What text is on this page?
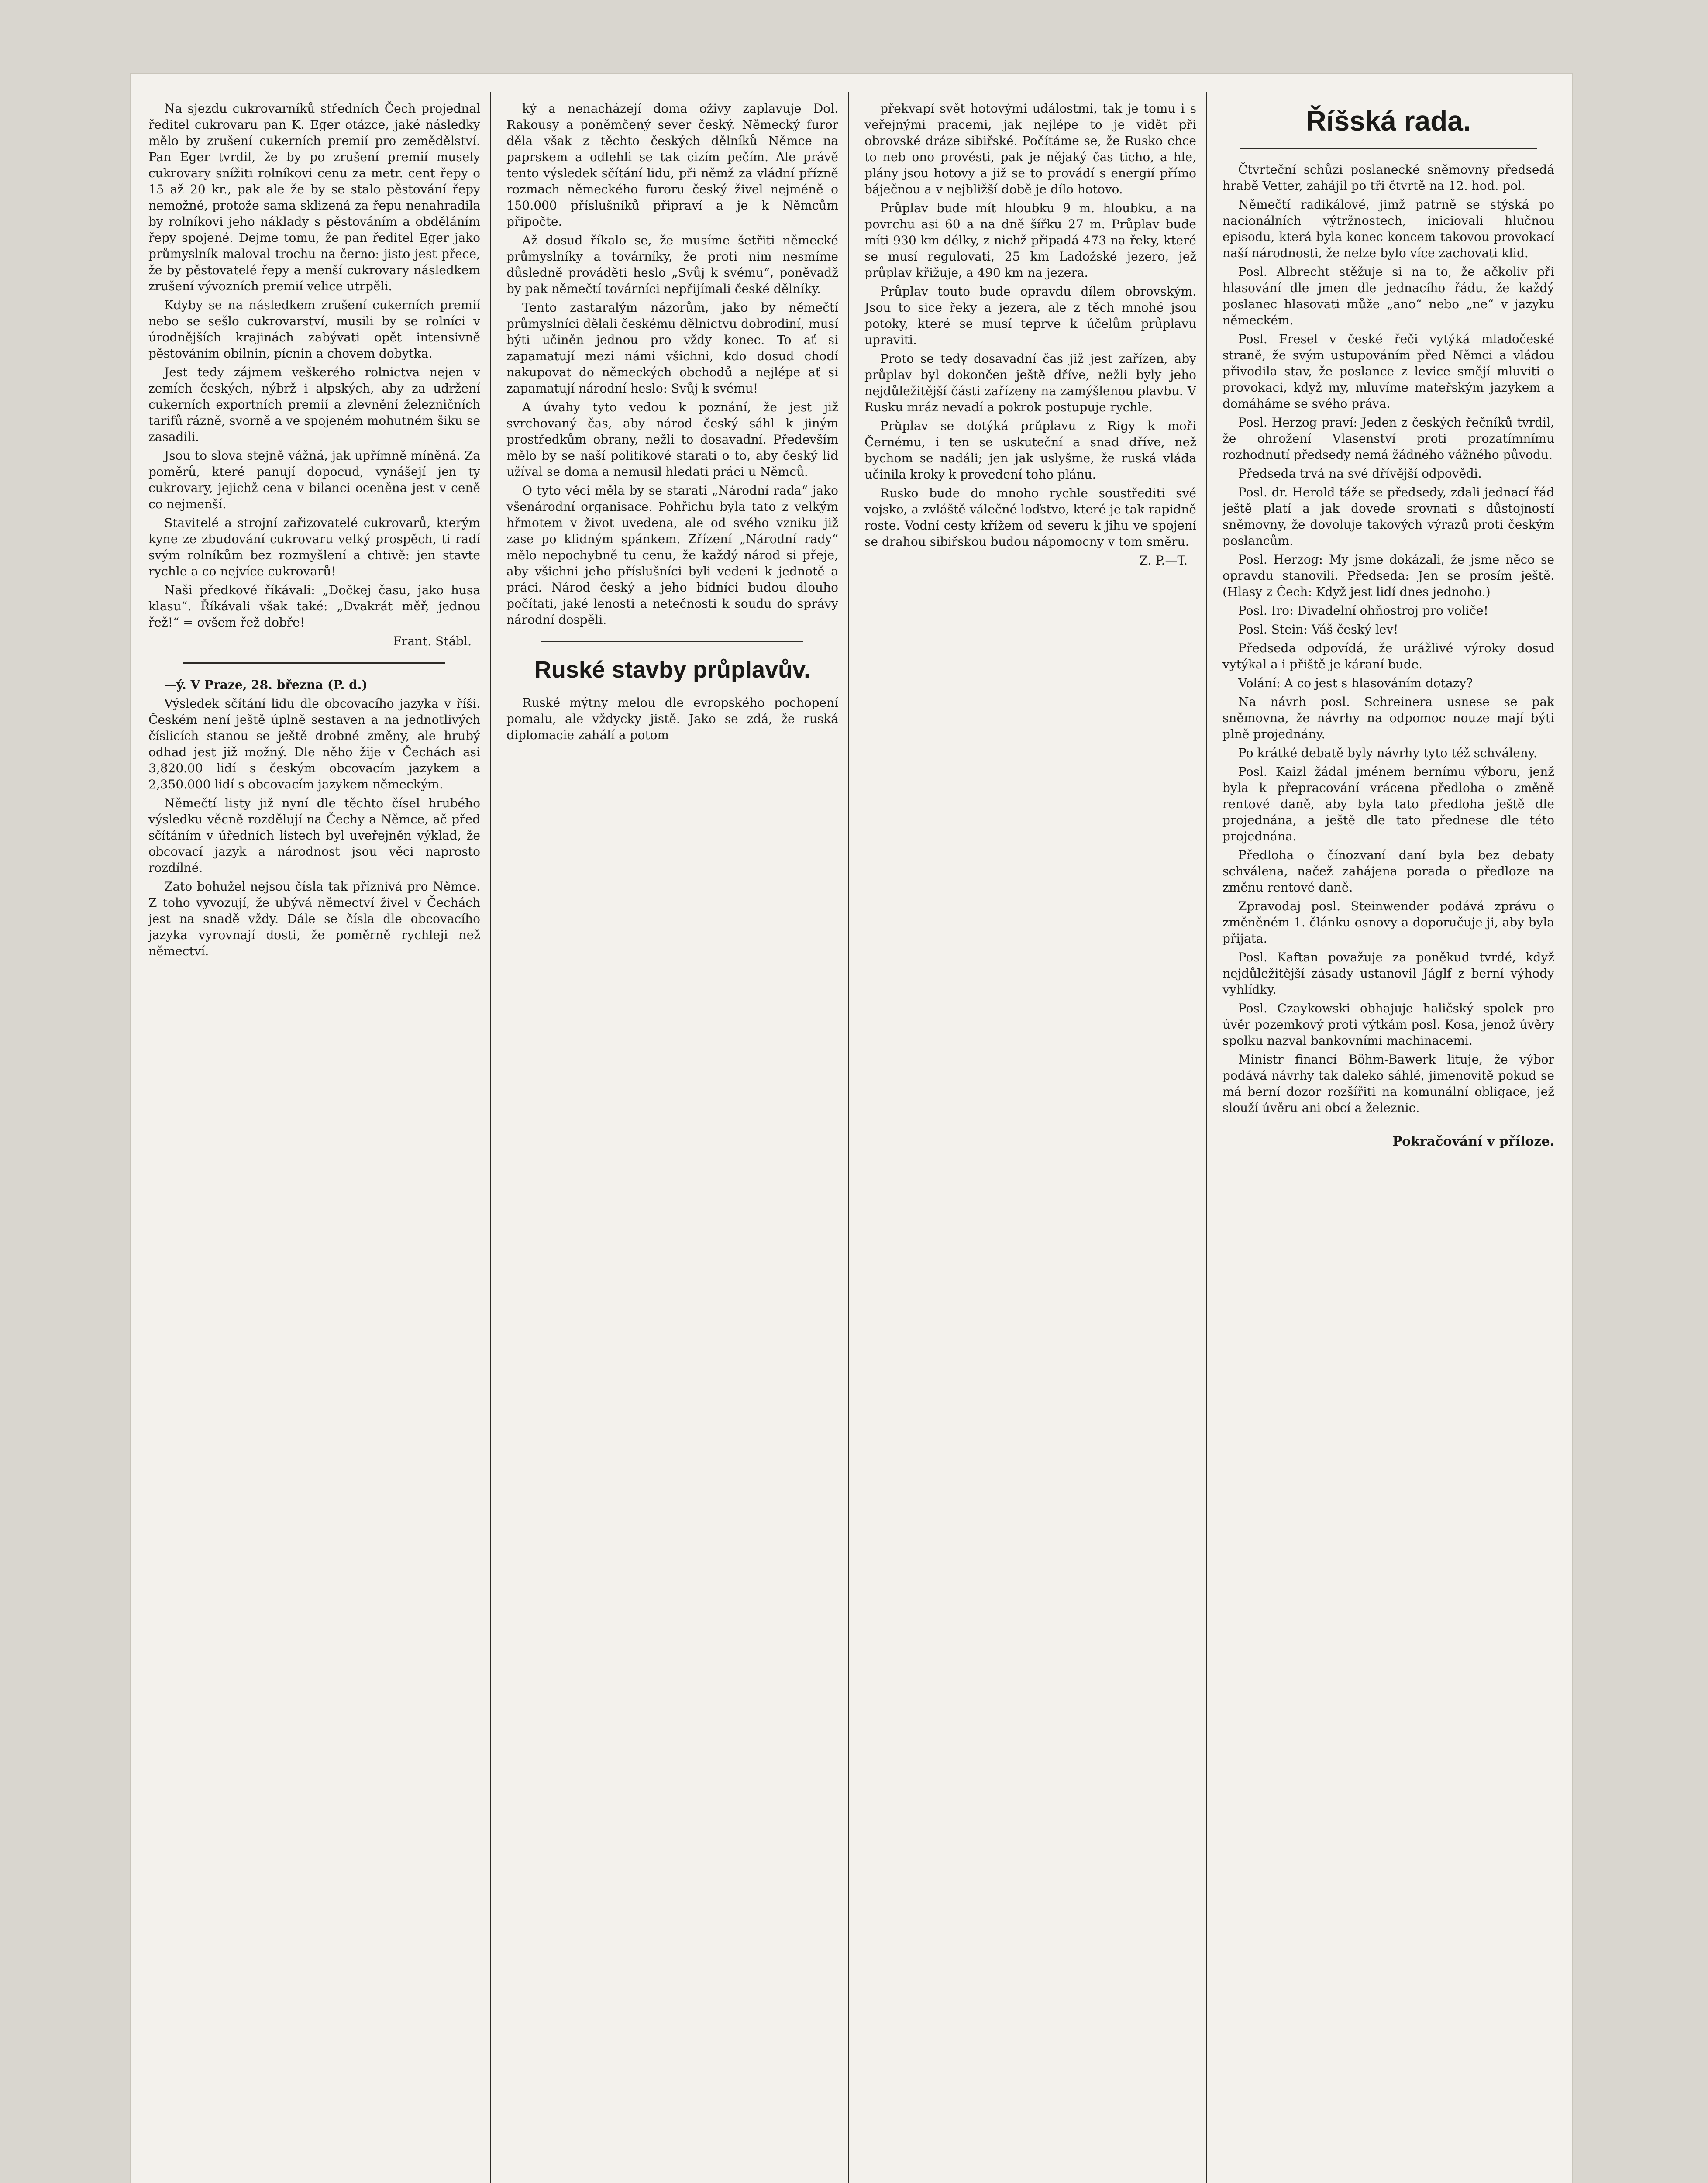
Na sjezdu cukrovarníků středních Čech projednal ředitel cukrovaru pan K. Eger otázce, jaké následky mělo by zrušení cukerních premií pro zemědělství. Pan Eger tvrdil, že by po zrušení premií musely cukrovary snížiti rolníkovi cenu za metr. cent řepy o 15 až 20 kr., pak ale že by se stalo pěstování řepy nemožné, protože sama sklizená za řepu nenahradila by rolníkovi jeho náklady s pěstováním a obděláním řepy spojené. Dejme tomu, že pan ředitel Eger jako průmyslník maloval trochu na černo: jisto jest přece, že by pěstovatelé řepy a menší cukrovary následkem zrušení vývozních premií velice utrpěli.

Kdyby se na následkem zrušení cukerních premií nebo se sešlo cukrovarství, musili by se rolníci v úrodnějších krajinách zabývati opět intensivně pěstováním obilnin, pícnin a chovem dobytka.

Jest tedy zájmem veškerého rolnictva nejen v zemích českých, nýbrž i alpských, aby za udržení cukerních exportních premií a zlevnění železničních tarifů rázně, svorně a ve spojeném mohutném šiku se zasadili.

Jsou to slova stejně vážná, jak upřímně míněná. Za poměrů, které panují dopoсud, vynášejí jen ty cukrovary, jejichž cena v bilanci oceněna jest v ceně co nejmenší.

Stavitelé a strojní zařizovatelé cukrovarů, kterým kyne ze zbudování cukrovaru velký prospěch, ti radí svým rolníkům bez rozmyšlení a chtivě: jen stavte rychle a co nejvíce cukrovarů!

Naši předkové říkávali: „Dočkej času, jako husa klasu“. Říkávali však také: „Dvakrát měř, jednou řež!“ = ovšem řež dobře!

Frant. Stábl.

—ý. V Praze, 28. března (P. d.)

Výsledek sčítání lidu dle obcovacího jazyka v říši. Českém není ještě úplně sestaven a na jednotlivých číslicích stanou se ještě drobné změny, ale hrubý odhad jest již možný. Dle něho žije v Čechách asi 3,820.00 lidí s českým obcovacím jazykem a 2,350.000 lidí s obcovacím jazykem německým.

Němečtí listy již nyní dle těchto čísel hrubého výsledku věcně rozdělují na Čechy a Němce, ač před sčítáním v úředních listech byl uveřejněn výklad, že obcovací jazyk a národnost jsou věci naprosto rozdílné.

Zato bohužel nejsou čísla tak příznivá pro Němce. Z toho vyvozují, že ubývá němectví živel v Čechách jest na snadě vždy. Dále se čísla dle obcovacího jazyka vyrovnají dosti, že poměrně rychleji než němectví.

ký a nenacházejí doma oživy zaplavuje Dol. Rakousy a poněmčený sever český. Německý furor děla však z těchto českých dělníků Němce na paprskem a odlehli se tak cizím pečím. Ale právě tento výsledek sčítání lidu, při němž za vládní přízně rozmach německého furoru český živel nejméně o 150.000 příslušníků připraví a je k Němcům připočte.

Až dosud říkalo se, že musíme šetřiti německé průmyslníky a továrníky, že proti nim nesmíme důsledně prováděti heslo „Svůj k svému“, poněvadž by pak němečtí továrníci nepřijímali české dělníky.

Tento zastaralým názorům, jako by němečtí průmyslníci dělali českému dělnictvu dobrodiní, musí býti učiněn jednou pro vždy konec. To ať si zapamatují mezi námi všichni, kdo dosud chodí nakupovat do německých obchodů a nejlépe ať si zapamatují národní heslo: Svůj k svému!

A úvahy tyto vedou k poznání, že jest již svrchovaný čas, aby národ český sáhl k jiným prostředkům obrany, nežli to dosavadní. Především mělo by se naší politikové starati o to, aby český lid užíval se doma a nemusil hledati práci u Němců.

O tyto věci měla by se starati „Národní rada“ jako všenárodní organisace. Pohřichu byla tato z velkým hřmotem v život uvedena, ale od svého vzniku již zase po klidným spánkem. Zřízení „Národní rady“ mělo nepochybně tu cenu, že každý národ si přeje, aby všichni jeho příslušníci byli vedeni k jednotě a práci. Národ český a jeho bídníci budou dlouho počítati, jaké lenosti a netečnosti k soudu do správy národní dospěli.

Ruské stavby průplavův.

Ruské mýtny melou dle evropského pochopení pomalu, ale vždycky jistě. Jako se zdá, že ruská diplomacie zahálí a potom

překvapí svět hotovými událostmi, tak je tomu i s veřejnými pracemi, jak nejlépe to je vidět při obrovské dráze sibiřské. Počítáme se, že Rusko chce to neb ono provésti, pak je nějaký čas ticho, a hle, plány jsou hotovy a již se to provádí s energií přímo báječnou a v nejbližší době je dílo hotovo.

Průplav bude mít hloubku 9 m. hloubku, a na povrchu asi 60 a na dně šířku 27 m. Průplav bude míti 930 km délky, z nichž připadá 473 na řeky, které se musí regulovati, 25 km Ladožské jezero, jež průplav křižuje, a 490 km na jezera.

Průplav touto bude opravdu dílem obrovským. Jsou to sice řeky a jezera, ale z těch mnohé jsou potoky, které se musí teprve k účelům průplavu upraviti.

Proto se tedy dosavadní čas již jest zařízen, aby průplav byl dokončen ještě dříve, nežli byly jeho nejdůležitější části zařízeny na zamýšlenou plavbu. V Rusku mráz nevadí a pokrok postupuje rychle.

Průplav se dotýká průplavu z Rigy k moři Černému, i ten se uskuteční a snad dříve, než bychom se nadáli; jen jak uslyšme, že ruská vláda učinila kroky k provedení toho plánu.

Rusko bude do mnoho rychle soustřediti své vojsko, a zvláště válečné loďstvo, které je tak rapidně roste. Vodní cesty křížem od severu k jihu ve spojení se drahou sibiřskou budou nápomocny v tom směru.

Z. P.—T.
Říšská rada.

Čtvrteční schůzi poslanecké sněmovny předsedá hrabě Vetter, zahájil po tři čtvrtě na 12. hod. pol.

Němečtí radikálové, jimž patrně se stýská po nacionálních výtržnostech, iniciovali hlučnou episodu, která byla konec koncem takovou provokací naší národnosti, že nelze bylo více zachovati klid.

Posl. Albrecht stěžuje si na to, že ačkoliv při hlasování dle jmen dle jednacího řádu, že každý poslanec hlasovati může „ano“ nebo „ne“ v jazyku německém.

Posl. Fresel v české řeči vytýká mladočeské straně, že svým ustupováním před Němci a vládou přivodila stav, že poslance z levice smějí mluviti o provokaci, když my, mluvíme mateřským jazykem a domáháme se svého práva.

Posl. Herzog praví: Jeden z českých řečníků tvrdil, že ohrožení Vlasenství proti prozatímnímu rozhodnutí předsedy nemá žádného vážného původu.

Předseda trvá na své dřívější odpovědi.

Posl. dr. Herold táže se předsedy, zdali jednací řád ještě platí a jak dovede srovnati s důstojností sněmovny, že dovoluje takových výrazů proti českým poslancům.

Posl. Herzog: My jsme dokázali, že jsme něco se opravdu stanovili. Předseda: Jen se prosím ještě. (Hlasy z Čech: Když jest lidí dnes jednoho.)

Posl. Iro: Divadelní ohňostroj pro voliče!

Posl. Stein: Váš český lev!

Předseda odpovídá, že urážlivé výroky dosud vytýkal a i přiště je káraní bude.

Volání: A co jest s hlasováním dotazy?

Na návrh posl. Schreinera usnese se pak sněmovna, že návrhy na odpomoc nouze mají býti plně projednány.

Po krátké debatě byly návrhy tyto též schváleny.

Posl. Kaizl žádal jménem bernímu výboru, jenž byla k přepracování vrácena předloha o změně rentové daně, aby byla tato předloha ještě dle projednána, a ještě dle tato přednese dle této projednána.

Předloha o čínozvaní daní byla bez debaty schválena, načež zahájena porada o předloze na změnu rentové daně.

Zpravodaj posl. Steinwender podává zprávu o změněném 1. článku osnovy a doporučuje ji, aby byla přijata.

Posl. Kaftan považuje za poněkud tvrdé, když nejdůležitější zásady ustanovil Jáglf z berní výhody vyhlídky.

Posl. Czaykowski obhajuje haličský spolek pro úvěr pozemkový proti výtkám posl. Kosa, jenož úvěry spolku nazval bankovními machinacemi.

Ministr financí Böhm-Bawerk lituje, že výbor podává návrhy tak daleko sáhlé, jimenovitě pokud se má berní dozor rozšířiti na komunální obligace, jež slouží úvěru ani obcí a železnic.

Pokračování v příloze.
